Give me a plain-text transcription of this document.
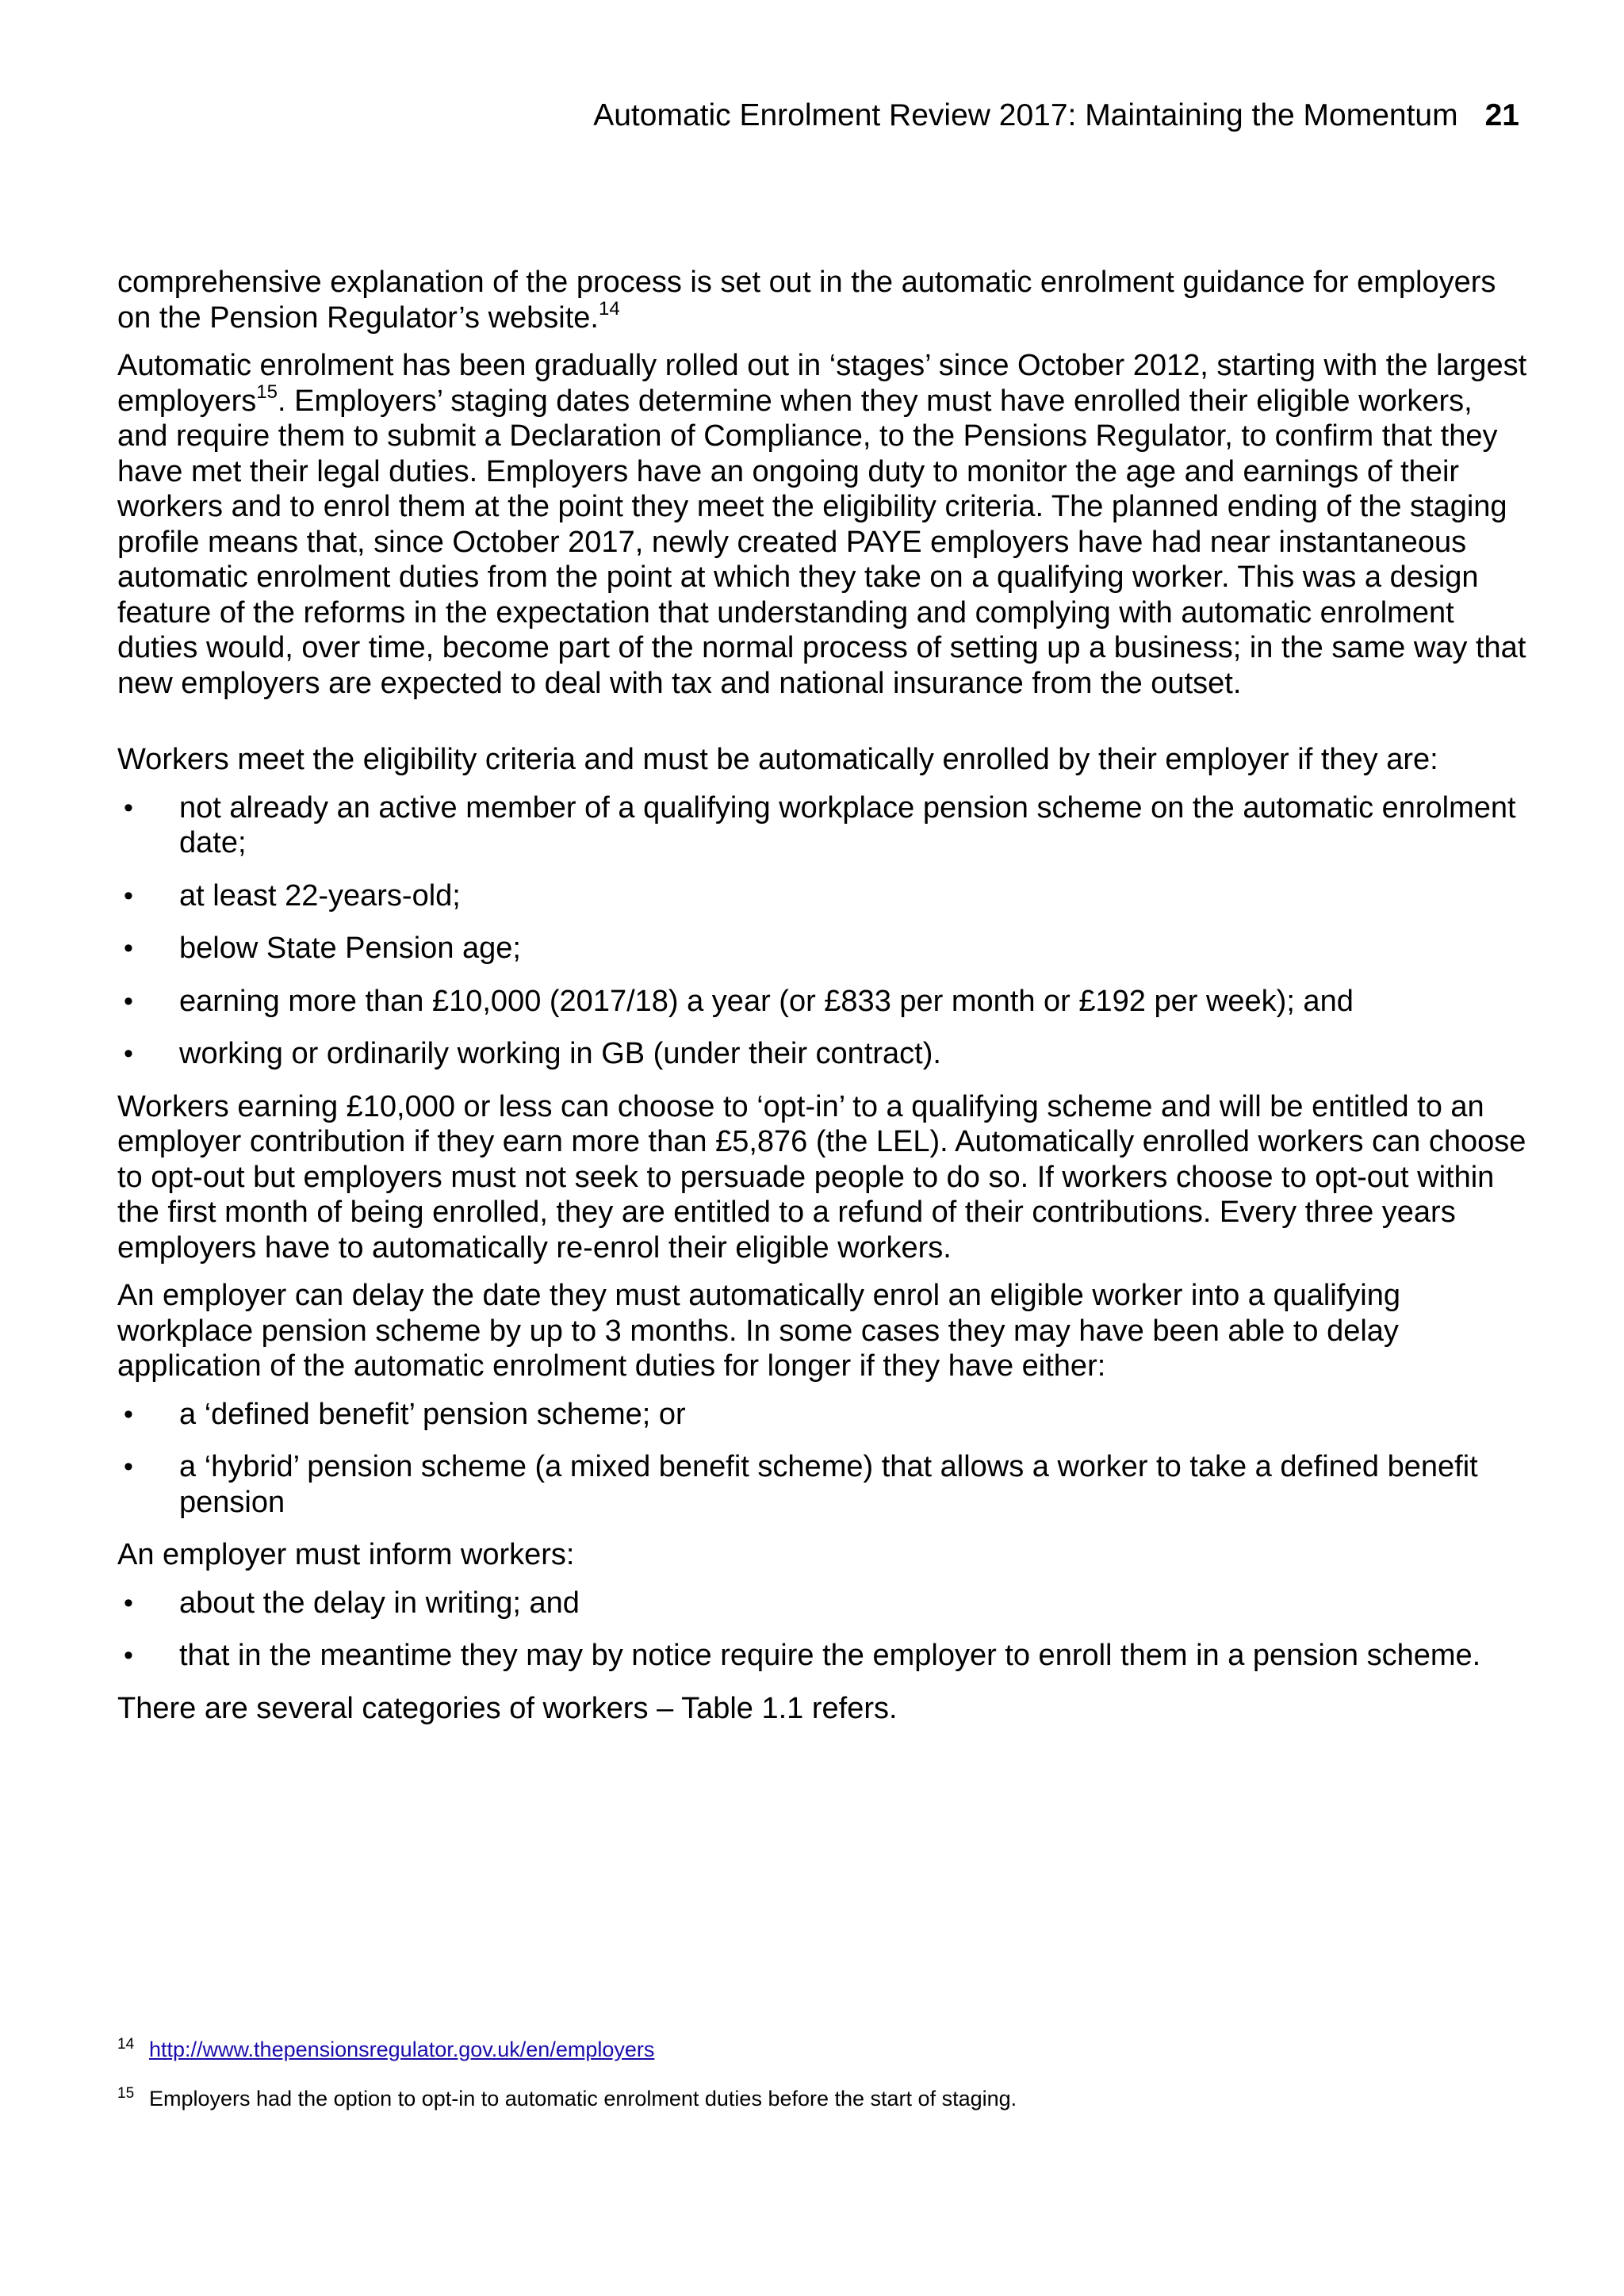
Automatic Enrolment Review 2017: Maintaining the Momentum 21

comprehensive explanation of the process is set out in the automatic enrolment guidance for employers on the Pension Regulator’s website.$^{14}$

Automatic enrolment has been gradually rolled out in ‘stages’ since October 2012, starting with the largest employers$^{15}$. Employers’ staging dates determine when they must have enrolled their eligible workers, and require them to submit a Declaration of Compliance, to the Pensions Regulator, to confirm that they have met their legal duties. Employers have an ongoing duty to monitor the age and earnings of their workers and to enrol them at the point they meet the eligibility criteria. The planned ending of the staging profile means that, since October 2017, newly created PAYE employers have had near instantaneous automatic enrolment duties from the point at which they take on a qualifying worker. This was a design feature of the reforms in the expectation that understanding and complying with automatic enrolment duties would, over time, become part of the normal process of setting up a business; in the same way that new employers are expected to deal with tax and national insurance from the outset.

Workers meet the eligibility criteria and must be automatically enrolled by their employer if they are:

• not already an active member of a qualifying workplace pension scheme on the automatic enrolment date;
• at least 22-years-old;
• below State Pension age;
• earning more than £10,000 (2017/18) a year (or £833 per month or £192 per week); and
• working or ordinarily working in GB (under their contract).

Workers earning £10,000 or less can choose to ‘opt-in’ to a qualifying scheme and will be entitled to an employer contribution if they earn more than £5,876 (the LEL). Automatically enrolled workers can choose to opt-out but employers must not seek to persuade people to do so. If workers choose to opt-out within the first month of being enrolled, they are entitled to a refund of their contributions. Every three years employers have to automatically re-enrol their eligible workers.

An employer can delay the date they must automatically enrol an eligible worker into a qualifying workplace pension scheme by up to 3 months. In some cases they may have been able to delay application of the automatic enrolment duties for longer if they have either:

• a ‘defined benefit’ pension scheme; or
• a ‘hybrid’ pension scheme (a mixed benefit scheme) that allows a worker to take a defined benefit pension

An employer must inform workers:

• about the delay in writing; and
• that in the meantime they may by notice require the employer to enroll them in a pension scheme.

There are several categories of workers – Table 1.1 refers.

14 http://www.thepensionsregulator.gov.uk/en/employers
15 Employers had the option to opt-in to automatic enrolment duties before the start of staging.
